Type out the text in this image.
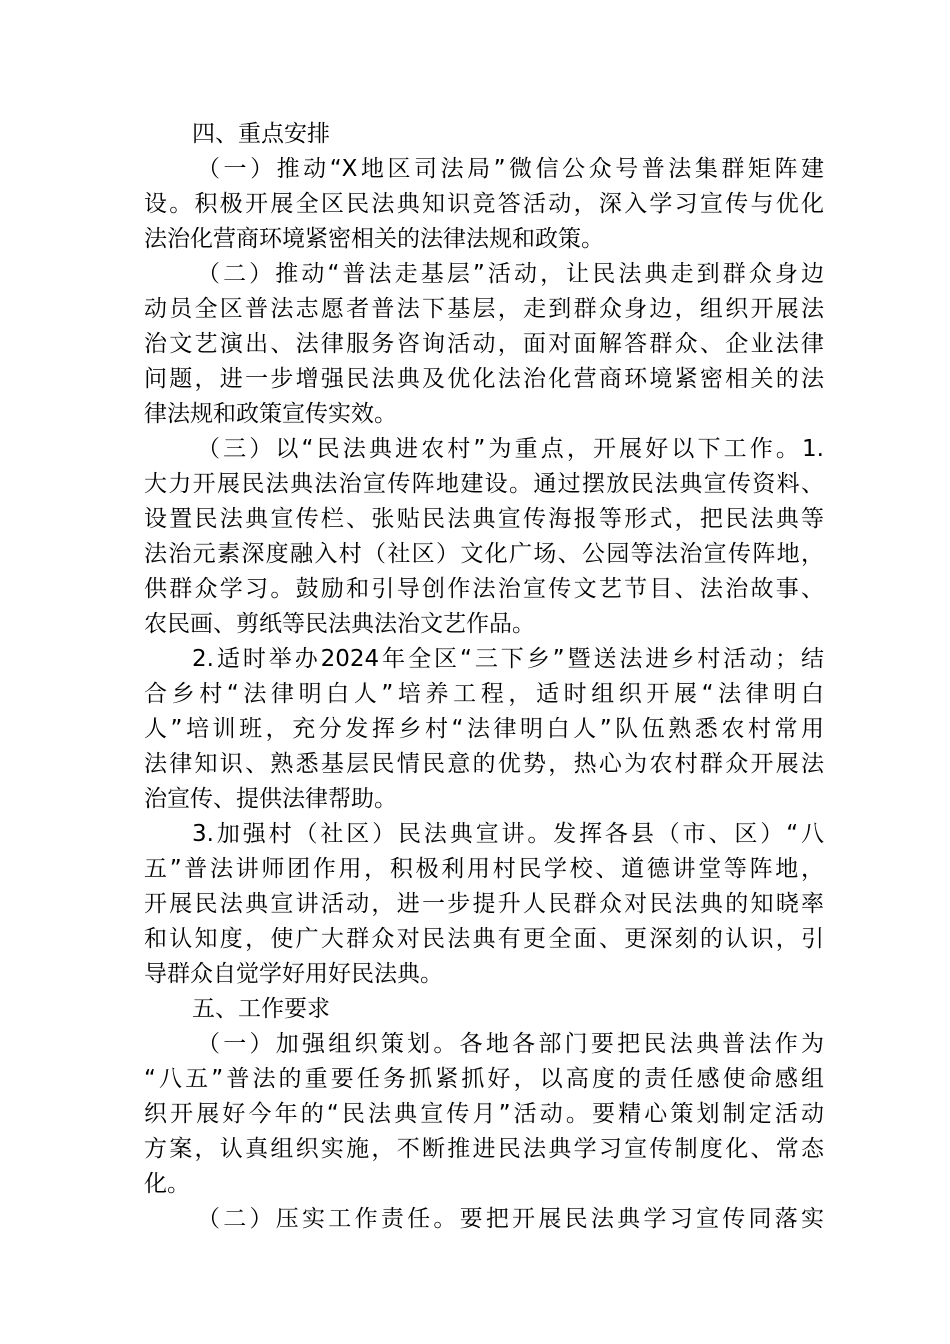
四、重点安排
（一）推动“X地区司法局”微信公众号普法集群矩阵建
设。积极开展全区民法典知识竞答活动，深入学习宣传与优化
法治化营商环境紧密相关的法律法规和政策。
（二）推动“普法走基层”活动，让民法典走到群众身边
动员全区普法志愿者普法下基层，走到群众身边，组织开展法
治文艺演出、法律服务咨询活动，面对面解答群众、企业法律
问题，进一步增强民法典及优化法治化营商环境紧密相关的法
律法规和政策宣传实效。
（三）以“民法典进农村”为重点，开展好以下工作。1.
大力开展民法典法治宣传阵地建设。通过摆放民法典宣传资料、
设置民法典宣传栏、张贴民法典宣传海报等形式，把民法典等
法治元素深度融入村（社区）文化广场、公园等法治宣传阵地，
供群众学习。鼓励和引导创作法治宣传文艺节目、法治故事、
农民画、剪纸等民法典法治文艺作品。
2.适时举办2024年全区“三下乡”暨送法进乡村活动；结
合乡村“法律明白人”培养工程，适时组织开展“法律明白
人”培训班，充分发挥乡村“法律明白人”队伍熟悉农村常用
法律知识、熟悉基层民情民意的优势，热心为农村群众开展法
治宣传、提供法律帮助。
3.加强村（社区）民法典宣讲。发挥各县（市、区）“八
五”普法讲师团作用，积极利用村民学校、道德讲堂等阵地，
开展民法典宣讲活动，进一步提升人民群众对民法典的知晓率
和认知度，使广大群众对民法典有更全面、更深刻的认识，引
导群众自觉学好用好民法典。
五、工作要求
（一）加强组织策划。各地各部门要把民法典普法作为
“八五”普法的重要任务抓紧抓好，以高度的责任感使命感组
织开展好今年的“民法典宣传月”活动。要精心策划制定活动
方案，认真组织实施，不断推进民法典学习宣传制度化、常态
化。
（二）压实工作责任。要把开展民法典学习宣传同落实
